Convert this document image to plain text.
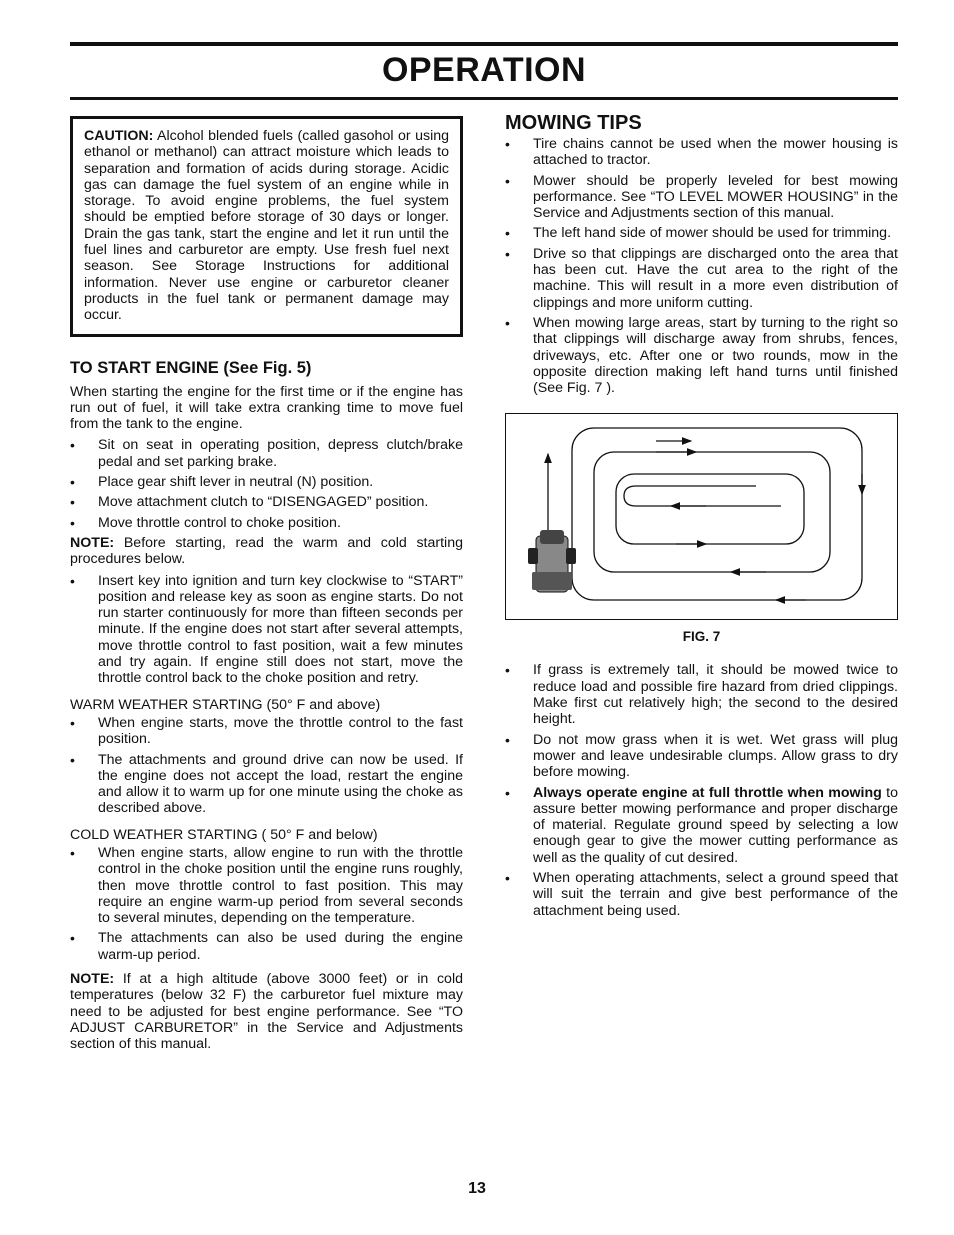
OPERATION

CAUTION: Alcohol blended fuels (called gasohol or using ethanol or methanol) can attract moisture which leads to separation and formation of acids during storage. Acidic gas can damage the fuel system of an engine while in storage. To avoid engine problems, the fuel system should be emptied before storage of 30 days or longer. Drain the gas tank, start the engine and let it run until the fuel lines and carburetor are empty. Use fresh fuel next season. See Storage Instructions for additional information. Never use engine or carburetor cleaner products in the fuel tank or permanent damage may occur.

TO START ENGINE (See Fig. 5)

When starting the engine for the first time or if the engine has run out of fuel, it will take extra cranking time to move fuel from the tank to the engine.

• Sit on seat in operating position, depress clutch/brake pedal and set parking brake.
• Place gear shift lever in neutral (N) position.
• Move attachment clutch to “DISENGAGED” position.
• Move throttle control to choke position.

NOTE: Before starting, read the warm and cold starting procedures below.

• Insert key into ignition and turn key clockwise to “START” position and release key as soon as engine starts. Do not run starter continuously for more than fifteen seconds per minute. If the engine does not start after several attempts, move throttle control to fast position, wait a few minutes and try again. If engine still does not start, move the throttle control back to the choke position and retry.

WARM WEATHER STARTING (50° F and above)

• When engine starts, move the throttle control to the fast position.
• The attachments and ground drive can now be used. If the engine does not accept the load, restart the engine and allow it to warm up for one minute using the choke as described above.

COLD WEATHER STARTING ( 50° F and below)

• When engine starts, allow engine to run with the throttle control in the choke position until the engine runs roughly, then move throttle control to fast position. This may require an engine warm-up period from several seconds to several minutes, depending on the temperature.
• The attachments can also be used during the engine warm-up period.

NOTE: If at a high altitude (above 3000 feet) or in cold temperatures (below 32 F) the carburetor fuel mixture may need to be adjusted for best engine performance. See “TO ADJUST CARBURETOR” in the Service and Adjustments section of this manual.

MOWING TIPS
• Tire chains cannot be used when the mower housing is attached to tractor.
• Mower should be properly leveled for best mowing performance. See “TO LEVEL MOWER HOUSING” in the Service and Adjustments section of this manual.
• The left hand side of mower should be used for trimming.
• Drive so that clippings are discharged onto the area that has been cut. Have the cut area to the right of the machine. This will result in a more even distribution of clippings and more uniform cutting.
• When mowing large areas, start by turning to the right so that clippings will discharge away from shrubs, fences, driveways, etc. After one or two rounds, mow in the opposite direction making left hand turns until finished (See Fig. 7 ).
FIG. 7
• If grass is extremely tall, it should be mowed twice to reduce load and possible fire hazard from dried clippings. Make first cut relatively high; the second to the desired height.
• Do not mow grass when it is wet. Wet grass will plug mower and leave undesirable clumps. Allow grass to dry before mowing.
• Always operate engine at full throttle when mowing to assure better mowing performance and proper discharge of material. Regulate ground speed by selecting a low enough gear to give the mower cutting performance as well as the quality of cut desired.
• When operating attachments, select a ground speed that will suit the terrain and give best performance of the attachment being used.
13
